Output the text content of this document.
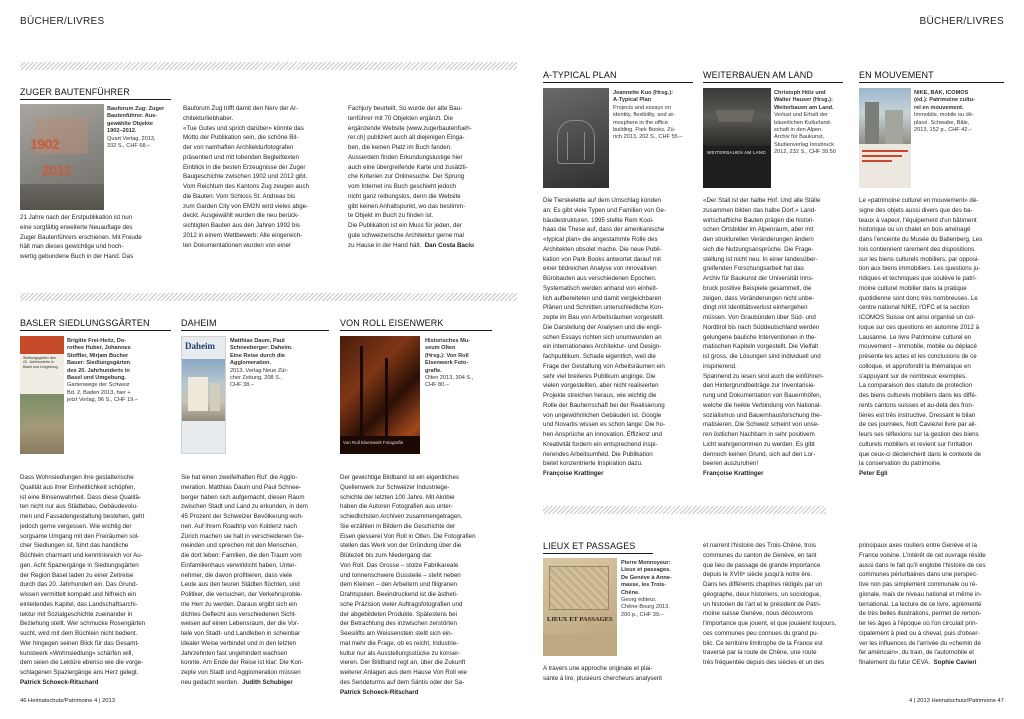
BÜCHER/LIVRES	BÜCHER/LIVRES
ZUGER BAUTENFÜHRER
1902
2012
Bauforum Zug: Zuger
Bautenführer. Aus-
gewählte Objekte
1902–2012.
Quart Verlag, 2013,
332 S., CHF 68.–
21 Jahre nach der Erstpublikation ist nun
eine sorgfältig erweiterte Neuauflage des
Zuger Bautenführers erschienen. Mit Freude
hält man dieses gewichtige und hoch-
wertig gebundene Buch in der Hand. Das
Bauforum Zug trifft damit den Nerv der Ar-
chitekturliebhaber.
«Tue Gutes und sprich darüber» könnte das
Motto der Publikation sein, die schöne Bil-
der von namhaften Architekturfotografen
präsentiert und mit lobenden Begleittexten
Einblick in die besten Erzeugnisse der Zuger
Baugeschichte zwischen 1902 und 2012 gibt.
Vom Reichtum des Kantons Zug zeugen auch
die Bauten: Vom Schloss St. Andreas bis
zum Garden City von EM2N wird vieles abge-
deckt. Ausgewählt wurden die neu berück-
sichtigten Bauten aus den Jahren 1992 bis
2012 in einem Wettbewerb: Alle eingereich-
ten Dokumentationen wurden von einer
Fachjury beurteilt. So wurde der alte Bau-
tenführer mit 70 Objekten ergänzt. Die
ergänzende Website (www.zugerbautenfueh-
rer.ch) publiziert auch all diejenigen Eingа-
ben, die keinen Platz im Buch fanden.
Ausserdem finden Erkundungslustige hier
auch eine übergreifende Karte und zusätzli-
che Kriterien zur Onlinesuche. Der Sprung
vom Internet ins Buch geschieht jedoch
nicht ganz reibungslos, denn die Website
gibt keinen Anhaltspunkt, wo das bestimm-
te Objekt im Buch zu finden ist.
Die Publikation ist ein Muss für jeden, der
gute schweizerische Architektur gerne mal
zu Hause in der Hand hält. Dan Costa Baciu
BASLER SIEDLUNGSGÄRTEN
Siedlungsgärten des 20. Jahrhunderts in Basel und Umgebung
Brigitte Frei-Heitz, Do-
rothee Huber, Johannes
Stoffler, Mirjam Bucher
Bauer: Siedlungsgärten
des 20. Jahrhunderts in
Basel und Umgebung.
Gartenwege der Schweiz
Bd. 2, Baden 2013, hier +
jetzt Verlag, 96 S., CHF 19.–
Dass Wohnsiedlungen ihre gestalterische
Qualität aus ihrer Einheitlichkeit schöpfen,
ist eine Binsenwahrheit. Dass diese Qualitä-
ten nicht nur aus Städtebau, Gebäudevolu-
men und Fassadengestaltung bestehen, geht
jedoch gerne vergessen. Wie wichtig der
sorgsame Umgang mit den Freiräumen sol-
cher Siedlungen ist, führt das handliche
Büchlein charmant und kenntnisreich vor Au-
gen. Acht Spaziergänge in Siedlungsgärten
der Region Basel laden zu einer Zeitreise
durch das 20. Jahrhundert ein. Das Grund-
wissen vermittelt kompakt und hilfreich ein
einleitendes Kapitel, das Landschaftsarchi-
tektur mit Sozialgeschichte zueinander in
Beziehung stellt. Wer schmucke Rosengärten
sucht, wird mit dem Büchlein nicht bedient.
Wer hingegen seinen Blick für das Gesamt-
kunstwerk «Wohnsiedlung» schärfen will,
dem seien die Lektüre ebenso wie die vorge-
schlagenen Spaziergänge ans Herz gelegt.
Patrick Schoeck-Ritschard
DAHEIM
Daheim	Matthias Daum, Paul
Schneeberger: Daheim.
Eine Reise durch die
Agglomeration.
2013. Verlag Neue Zür-
cher Zeitung, 208 S.,
CHF 38.–
Sie hat einen zweifelhaften Ruf: die Agglo-
meration. Matthias Daum und Paul Schnee-
berger haben sich aufgemacht, diesen Raum
zwischen Stadt und Land zu erkunden, in dem
45 Prozent der Schweizer Bevölkerung woh-
nen. Auf ihrem Roadtrip von Koblenz nach
Zürich machen sie halt in verschiedenen Ge-
meinden und sprechen mit den Menschen,
die dort leben: Familien, die den Traum vom
Einfamilienhaus verwirklicht haben, Unter-
nehmer, die davon profitieren, dass viele
Leute aus den teuren Städten flüchten, und
Politiker, die versuchen, der Verkehrsproble-
me Herr zu werden. Daraus ergibt sich ein
dichtes Geflecht aus verschiedenen Sicht-
weisen auf einen Lebensraum, der die Vor-
teile von Stadt- und Landleben in scheinbar
idealer Weise verbindet und in den letzten
Jahrzehnten fast ungehindert wachsen
konnte. Am Ende der Reise ist klar: Die Kon-
zepte von Stadt und Agglomeration müssen
neu gedacht werden. Judith Schubiger
VON ROLL EISENWERK
Von Roll Eisenwerk Fotografie
Historisches Mu-
seum Olten
(Hrsg.): Von Roll
Eisenwerk Foto-
grafie.
Olten 2013, 304 S.,
CHF 80.–
Der gewichtige Bildband ist ein eigentliches
Quellenwerk zur Schweizer Industriege-
schichte der letzten 100 Jahre. Mit Akribie
haben die Autoren Fotografien aus unter-
schiedlichsten Archiven zusammengetragen.
Sie erzählen in Bildern die Geschichte der
Eisen giesserei Von Roll in Olten. Die Fotografien
stellen das Werk von der Gründung über die
Blütezeit bis zum Niedergang dar.
Von Roll. Das Grosse – stolze Fabrikareale
und tonnenschwere Gussteile – steht neben
dem Kleinen – den Arbeitern und filigranen
Drahtspulen. Beeindruckend ist die ästheti-
sche Präzision vieler Auftragsfotografien und
der abgebildeten Produkte. Spätestens bei
der Betrachtung des inzwischen zerstörten
Seesilifts am Weissenstein stellt sich ein-
mal mehr die Frage, ob es reicht, Industrie-
kultur nur als Ausstellungsstücke zu konser-
vieren. Der Bildband regt an, über die Zukunft
weiterer Anlagen aus dem Hause Von Roll wie
des Sendeturms auf dem Säntis oder der Sa-
Patrick Schoeck-Ritschard
A-TYPICAL PLAN
Jeannette Kuo (Hrsg.):
A-Typical Plan
Projects and essays on
identity, flexibility, and at-
mosphere in the office
building. Park Books, Zü-
rich 2013, 202 S., CHF 55.–
Die Tierskelette auf dem Umschlag künden
an: Es gibt viele Typen und Familien von Ge-
bäudestrukturen. 1995 stellte Rem Kool-
haas die These auf, dass der amerikanische
«typical plan» die angestammte Rolle des
Architekten obsolet mache. Die neue Publi-
kation von Park Books antwortet darauf mit
einer bildreichen Analyse von innovativen
Bürobauten aus verschiedenen Epochen.
Systematisch werden anhand von einheit-
lich aufbereiteten und damit vergleichbaren
Plänen und Schnitten unterschiedliche Kon-
zepte im Bau von Arbeitsräumen vorgestellt.
Die Darstellung der Analysen und die engli-
schen Essays richten sich unumwunden an
ein internationales Architektur- und Design-
fachpublikum. Schade eigentlich, weil die
Frage der Gestaltung von Arbeitsräumen ein
sehr viel breiteres Publikum anginge. Die
vielen vorgestellten, aber nicht realisierten
Projekte streichen heraus, wie wichtig die
Rolle der Bauherrschaft bei der Realisierung
von ungewöhnlichen Gebäuden ist. Google
und Novartis wissen es schon lange: Die ho-
hen Ansprüche an Innovation, Effizienz und
Kreativität fordern ein entsprechend inspi-
rierendes Arbeitsumfeld. Die Publikation
bietet konzentrierte Inspiration dazu.
Françoise Krattinger
WEITERBAUEN AM LAND
WEITERBAUEN AM LAND
Christoph Hölz und
Walter Hauser (Hrsg.):
Weiterbauen am Land.
Verlust und Erhalt der
bäuerlichen Kulturland-
schaft in den Alpen.
Archiv für Baukunst,
Studienverlag Innsbruck
2012, 232 S., CHF 39.50
«Der Stall ist der halbe Hof. Und alle Ställe
zusammen bilden das halbe Dorf.» Land-
wirtschaftliche Bauten prägen die histori-
schen Ortsbilder im Alpenraum, aber mit
den strukturellen Veränderungen ändern
sich die Nutzungsansprüche. Die Frage-
stellung ist nicht neu. In einer landesüber-
greifenden Forschungsarbeit hat das
Archiv für Baukunst der Universität Inns-
bruck positive Beispiele gesammelt, die
zeigen, dass Veränderungen nicht unbe-
dingt mit Identitätsverlust einhergehen
müssen. Von Graubünden über Süd- und
Nordtirol bis nach Süddeutschland werden
gelungene bauliche Interventionen in the-
matischen Kapiteln vorgestellt. Die Vielfalt
ist gross, die Lösungen sind individuell und
inspirierend.
Spannend zu lesen sind auch die einführen-
den Hintergrundbeiträge zur Inventarisie-
rung und Dokumentation von Bauernhöfen,
welche die heikle Verbindung von National-
sozialismus und Bauernhausforschung the-
matisieren. Die Schweiz scheint von unse-
ren östlichen Nachbarn in sehr positivem
Licht wahrgenommen zu werden. Es gibt
dennoch keinen Grund, sich auf den Lor-
beeren auszuruhen!
Françoise Krattinger
EN MOUVEMENT
NIKE, BAK, ICOMOS
(éd.): Patrimoine cultu-
rel en mouvement.
Immobile, mobile ou dé-
placé. Schwabe, Bâle,
2013, 152 p., CHF 42.–
Le «patrimoine culturel en mouvement» dé-
signe des objets aussi divers que des ba-
teaux à vapeur, l'équipement d'un bâtiment
historique ou un chalet en bois aménagé
dans l'enceinte du Musée du Ballenberg. Les
lois contiennent rarement des dispositions
sur les biens culturels mobiliers, par opposi-
tion aux biens immobiliers. Les questions ju-
ridiques et techniques que soulève le patri-
moine culturel mobilier dans la pratique
quotidienne sont donc très nombreuses. Le
centre national NIKE, l'OFC et la section
ICOMOS Suisse ont ainsi organisé un col-
loque sur ces questions en automne 2012 à
Lausanne. Le livre Patrimoine culturel en
mouvement – Immobile, mobile ou déplacé
présente les actes et les conclusions de ce
colloque, et approfondit la thématique en
s'appuyant sur de nombreux exemples.
La comparaison des statuts de protection
des biens culturels mobiliers dans les diffé-
rents cantons suisses et au-delà des fron-
tières est très instructive. Dressant le bilan
de ces journées, Nott Caviezel livre par ail-
leurs ses réflexions sur la gestion des biens
culturels mobiliers et revient sur l'irritation
que ceux-ci déclenchent dans le contexte de
la conservation du patrimoine.
Peter Egli
LIEUX ET PASSAGES
LIEUX ET PASSAGES
Pierre Monnoyeur:
Lieux et passages.
De Genève à Anne-
masse, les Trois-
Chêne.
Georg éditeur,
Chêne-Bourg 2013,
200 p., CHF 39.–
A travers une approche originale et plai-
sante à lire, plusieurs chercheurs analysent
et narrent l'histoire des Trois-Chêne, trois
communes du canton de Genève, en tant
que lieu de passage de grande importance
depuis le XVIIIᵉ siècle jusqu'à notre ère.
Dans les différents chapitres rédigés par un
géographe, deux historiens, un sociologue,
un historien de l'art et le président de Patri-
moine suisse Genève, nous découvrons
l'importance que jouent, et que jouaient toujours,
ces communes peu connues du grand pu-
blic. Ce territoire limitrophe de la France est
traversé par la route de Chêne, une route
très fréquentée depuis des siècles et un des
principaux axes routiers entre Genève et la
France voisine. L'intérêt de cet ouvrage réside
aussi dans le fait qu'il englobe l'histoire de ces
communes périurbaines dans une perspec-
tive non pas simplement communale ou ré-
gionale, mais de niveau national et même in-
ternational. La lecture de ce livre, agrémenté
de très belles illustrations, permet de remon-
ter les âges à l'époque où l'on circulait prin-
cipalement à pied ou à cheval, puis d'obser-
ver les influences de l'arrivée du «chemin de
fer américain», du train, de l'automobile et
finalement du futur CEVA. Sophie Cavieri
46 Heimatschutz/Patrimoine 4 | 2013	4 | 2013 Heimatschutz/Patrimoine 47
